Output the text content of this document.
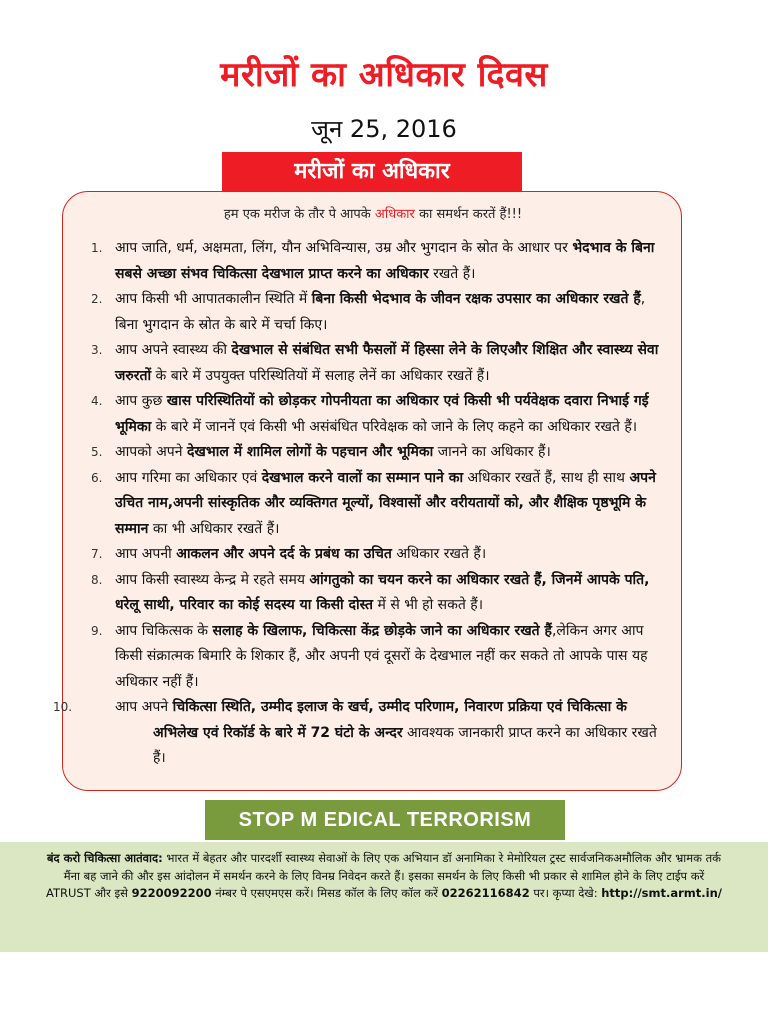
मरीजों का अधिकार दिवस
जून 25, 2016
मरीजों का अधिकार
हम एक मरीज के तौर पे आपके अधिकार का समर्थन करतें हैं!!!
1. आप जाति, धर्म, अक्षमता, लिंग, यौन अभिविन्यास, उम्र और भुगदान के स्रोत के आधार पर भेदभाव के बिना सबसे अच्छा संभव चिकित्सा देखभाल प्राप्त करने का अधिकार रखते हैं।
2. आप किसी भी आपातकालीन स्थिति में बिना किसी भेदभाव के जीवन रक्षक उपसार का अधिकार रखते हैं, बिना भुगदान के स्रोत के बारे में चर्चा किए।
3. आप अपने स्वास्थ्य की देखभाल से संबंधित सभी फैसलों में हिस्सा लेने के लिएऔर शिक्षित और स्वास्थ्य सेवा जरुरतों के बारे में उपयुक्त परिस्थितियों में सलाह लेनें का अधिकार रखतें हैं।
4. आप कुछ खास परिस्थितियों को छोड़कर गोपनीयता का अधिकार एवं किसी भी पर्यवेक्षक दवारा निभाई गई भूमिका के बारे में जाननें एवं किसी भी असंबंधित परिवेक्षक को जाने के लिए कहने का अधिकार रखते हैं।
5. आपको अपने देखभाल में शामिल लोगों के पहचान और भूमिका जानने का अधिकार हैं।
6. आप गरिमा का अधिकार एवं देखभाल करने वालों का सम्मान पाने का अधिकार रखतें हैं, साथ ही साथ अपने उचित नाम,अपनी सांस्कृतिक और व्यक्तिगत मूल्यों, विश्वासों और वरीयतायों को, और शैक्षिक पृष्ठभूमि के सम्मान का भी अधिकार रखतें हैं।
7. आप अपनी आकलन और अपने दर्द के प्रबंध का उचित अधिकार रखते हैं।
8. आप किसी स्वास्थ्य केन्द्र मे रहते समय आंगतुको का चयन करने का अधिकार रखते हैं, जिनमें आपके पति, धरेलू साथी, परिवार का कोई सदस्य या किसी दोस्त में से भी हो सकते हैं।
9. आप चिकित्सक के सलाह के खिलाफ, चिकित्सा केंद्र छोड़के जाने का अधिकार रखते हैं,लेकिन अगर आप किसी संक्रात्मक बिमारि के शिकार हैं, और अपनी एवं दूसरों के देखभाल नहीं कर सकते तो आपके पास यह अधिकार नहीं हैं।
10.	आप अपने चिकित्सा स्थिति, उम्मीद इलाज के खर्च, उम्मीद परिणाम, निवारण प्रक्रिया एवं चिकित्सा के अभिलेख एवं रिकॉर्ड के बारे में 72 घंटो के अन्दर आवश्यक जानकारी प्राप्त करने का अधिकार रखते हैं।
STOP M EDICAL TERRORISM
बंद करो चिकित्सा आतंवाद: भारत में बेहतर और पारदर्शी स्वास्थ्य सेवाओं के लिए एक अभियान डॉ अनामिका रे मेमोरियल ट्रस्ट सार्वजनिकअमौलिक और भ्रामक तर्क मैंना बह जाने की और इस आंदोलन में समर्थन करने के लिए विनम्र निवेदन करते हैं। इसका समर्थन के लिए किसी भी प्रकार से शामिल होने के लिए टाईप करें ATRUST और इसे 9220092200 नंम्बर पे एसएमएस करें। मिसड कॉल के लिए कॉल करें 02262116842 पर। कृप्या देखे: http://smt.armt.in/
